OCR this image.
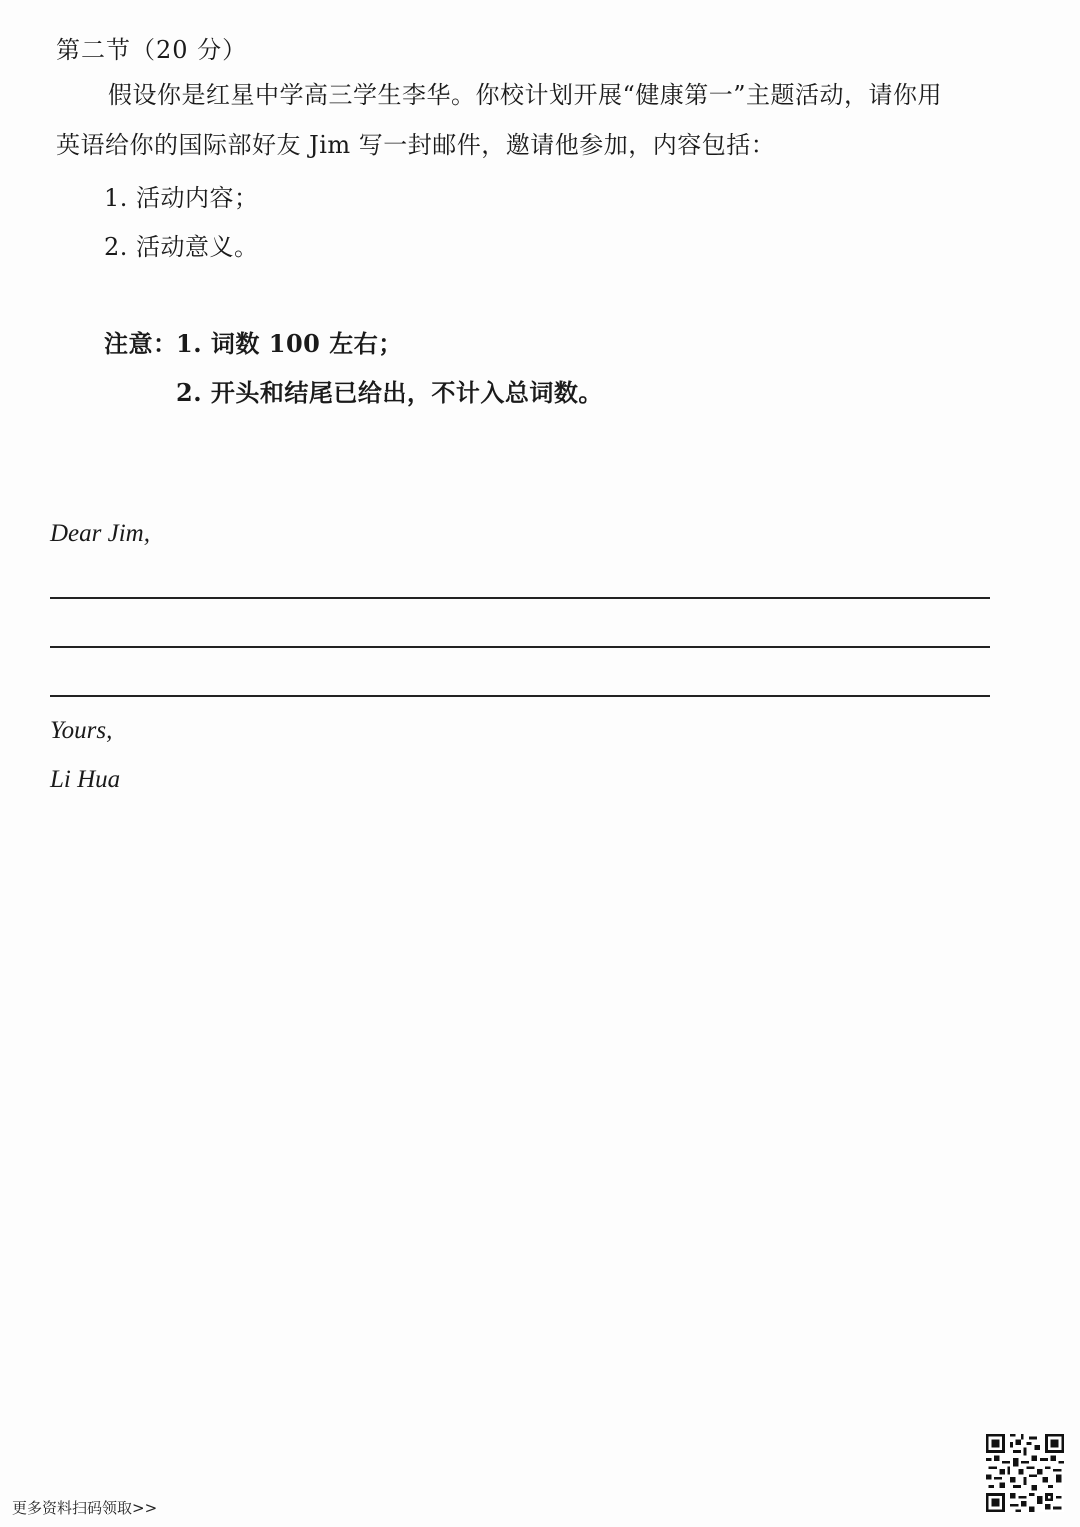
第二节（20 分）
假设你是红星中学高三学生李华。你校计划开展“健康第一”主题活动，请你用
英语给你的国际部好友 Jim 写一封邮件，邀请他参加，内容包括：
1. 活动内容；
2. 活动意义。
注意：
1. 词数 100 左右；
2. 开头和结尾已给出，不计入总词数。
Dear Jim,
Yours,
Li Hua
更多资料扫码领取>>
